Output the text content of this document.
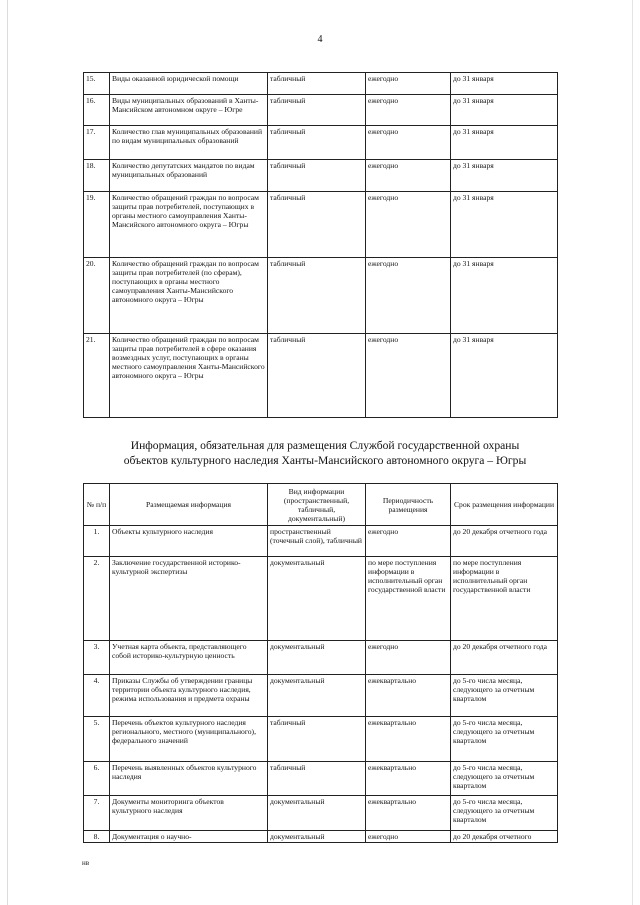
4
15.	Виды оказанной юридической помощи	табличный	ежегодно	до 31 января
16.	Виды муниципальных образований в Ханты-Мансийском автономном округе – Югре	табличный	ежегодно	до 31 января
17.	Количество глав муниципальных образований по видам муниципальных образований	табличный	ежегодно	до 31 января
18.	Количество депутатских мандатов по видам муниципальных образований	табличный	ежегодно	до 31 января
19.	Количество обращений граждан по вопросам защиты прав потребителей, поступающих в органы местного самоуправления Ханты-Мансийского автономного округа – Югры	табличный	ежегодно	до 31 января
20.	Количество обращений граждан по вопросам защиты прав потребителей (по сферам), поступающих в органы местного самоуправления Ханты-Мансийского автономного округа – Югры	табличный	ежегодно	до 31 января
21.	Количество обращений граждан по вопросам защиты прав потребителей в сфере оказания возмездных услуг, поступающих в органы местного самоуправления Ханты-Мансийского автономного округа – Югры	табличный	ежегодно	до 31 января
Информация, обязательная для размещения Службой государственной охраны
объектов культурного наследия Ханты-Мансийского автономного округа – Югры
№ п/п	Размещаемая информация	Вид информации (пространственный, табличный, документальный)	Периодичность размещения	Срок размещения информации
1.	Объекты культурного наследия	пространственный (точечный слой), табличный	ежегодно	до 20 декабря отчетного года
2.	Заключение государственной историко-культурной экспертизы	документальный	по мере поступления информации в исполнительный орган государственной власти	по мере поступления информации в исполнительный орган государственной власти
3.	Учетная карта объекта, представляющего собой историко-культурную ценность	документальный	ежегодно	до 20 декабря отчетного года
4.	Приказы Службы об утверждении границы территории объекта культурного наследия, режима использования и предмета охраны	документальный	ежеквартально	до 5-го числа месяца, следующего за отчетным кварталом
5.	Перечень объектов культурного наследия регионального, местного (муниципального), федерального значений	табличный	ежеквартально	до 5-го числа месяца, следующего за отчетным кварталом
6.	Перечень выявленных объектов культурного наследия	табличный	ежеквартально	до 5-го числа месяца, следующего за отчетным кварталом
7.	Документы мониторинга объектов культурного наследия	документальный	ежеквартально	до 5-го числа месяца, следующего за отчетным кварталом
8.	Документация о научно-	документальный	ежегодно	до 20 декабря отчетного
нв
